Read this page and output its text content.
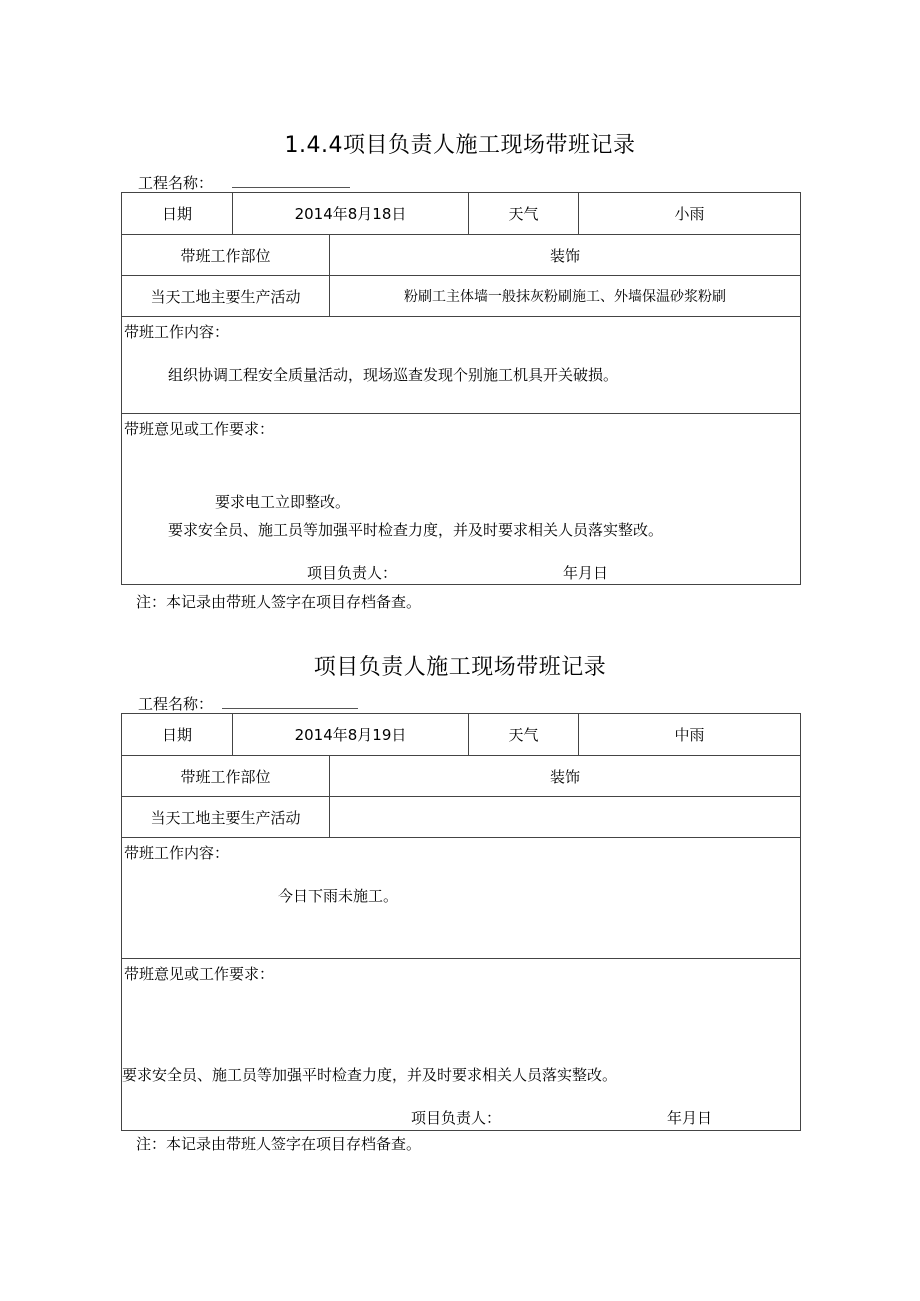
1.4.4项目负责人施工现场带班记录
工程名称：
日期	2014年8月18日		天气	小雨
带班工作部位		装饰		
当天工地主要生产活动		粉刷工主体墙一般抹灰粉刷施工、外墙保温砂浆粉刷		

带班工作内容：
组织协调工程安全质量活动，现场巡查发现个别施工机具开关破损。				

带班意见或工作要求：
要求电工立即整改。
要求安全员、施工员等加强平时检查力度，并及时要求相关人员落实整改。
项目负责人： 年月日				
注：本记录由带班人签字在项目存档备查。
项目负责人施工现场带班记录
工程名称：
日期	2014年8月19日		天气	中雨
带班工作部位		装饰		
当天工地主要生产活动				

带班工作内容：
今日下雨未施工。				

带班意见或工作要求：
要求安全员、施工员等加强平时检查力度，并及时要求相关人员落实整改。
项目负责人： 年月日				
注：本记录由带班人签字在项目存档备查。
